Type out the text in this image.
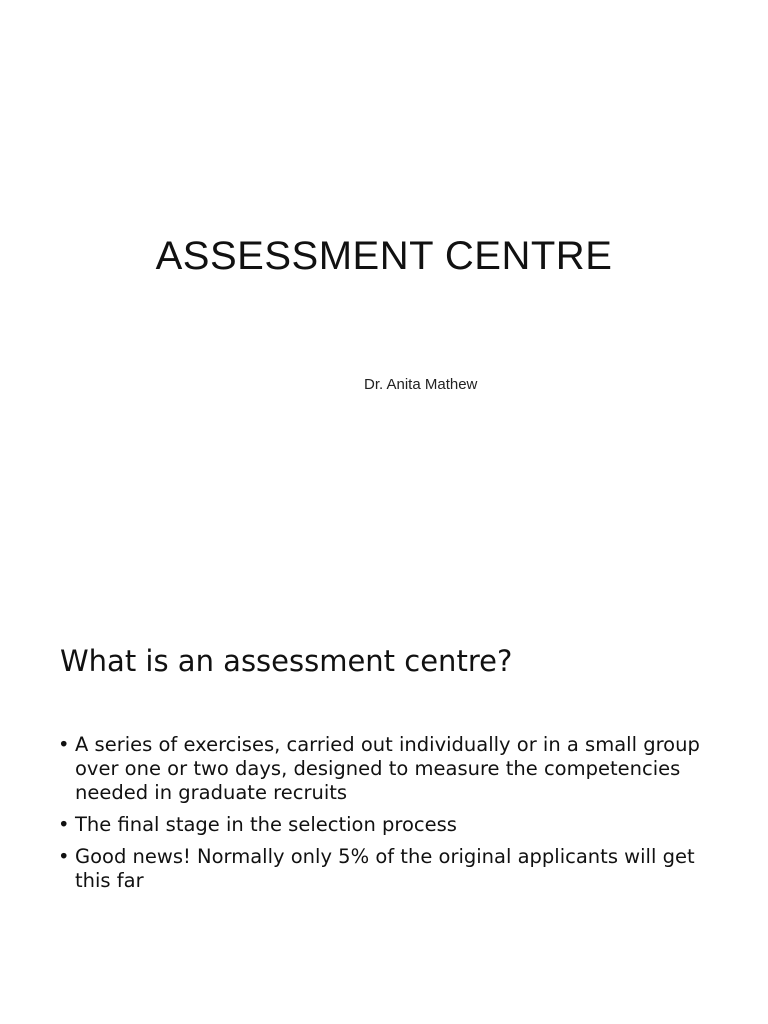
ASSESSMENT CENTRE
Dr. Anita Mathew
What is an assessment centre?
• A series of exercises, carried out individually or in a small group over one or two days, designed to measure the competencies needed in graduate recruits
• The final stage in the selection process
• Good news! Normally only 5% of the original applicants will get this far
